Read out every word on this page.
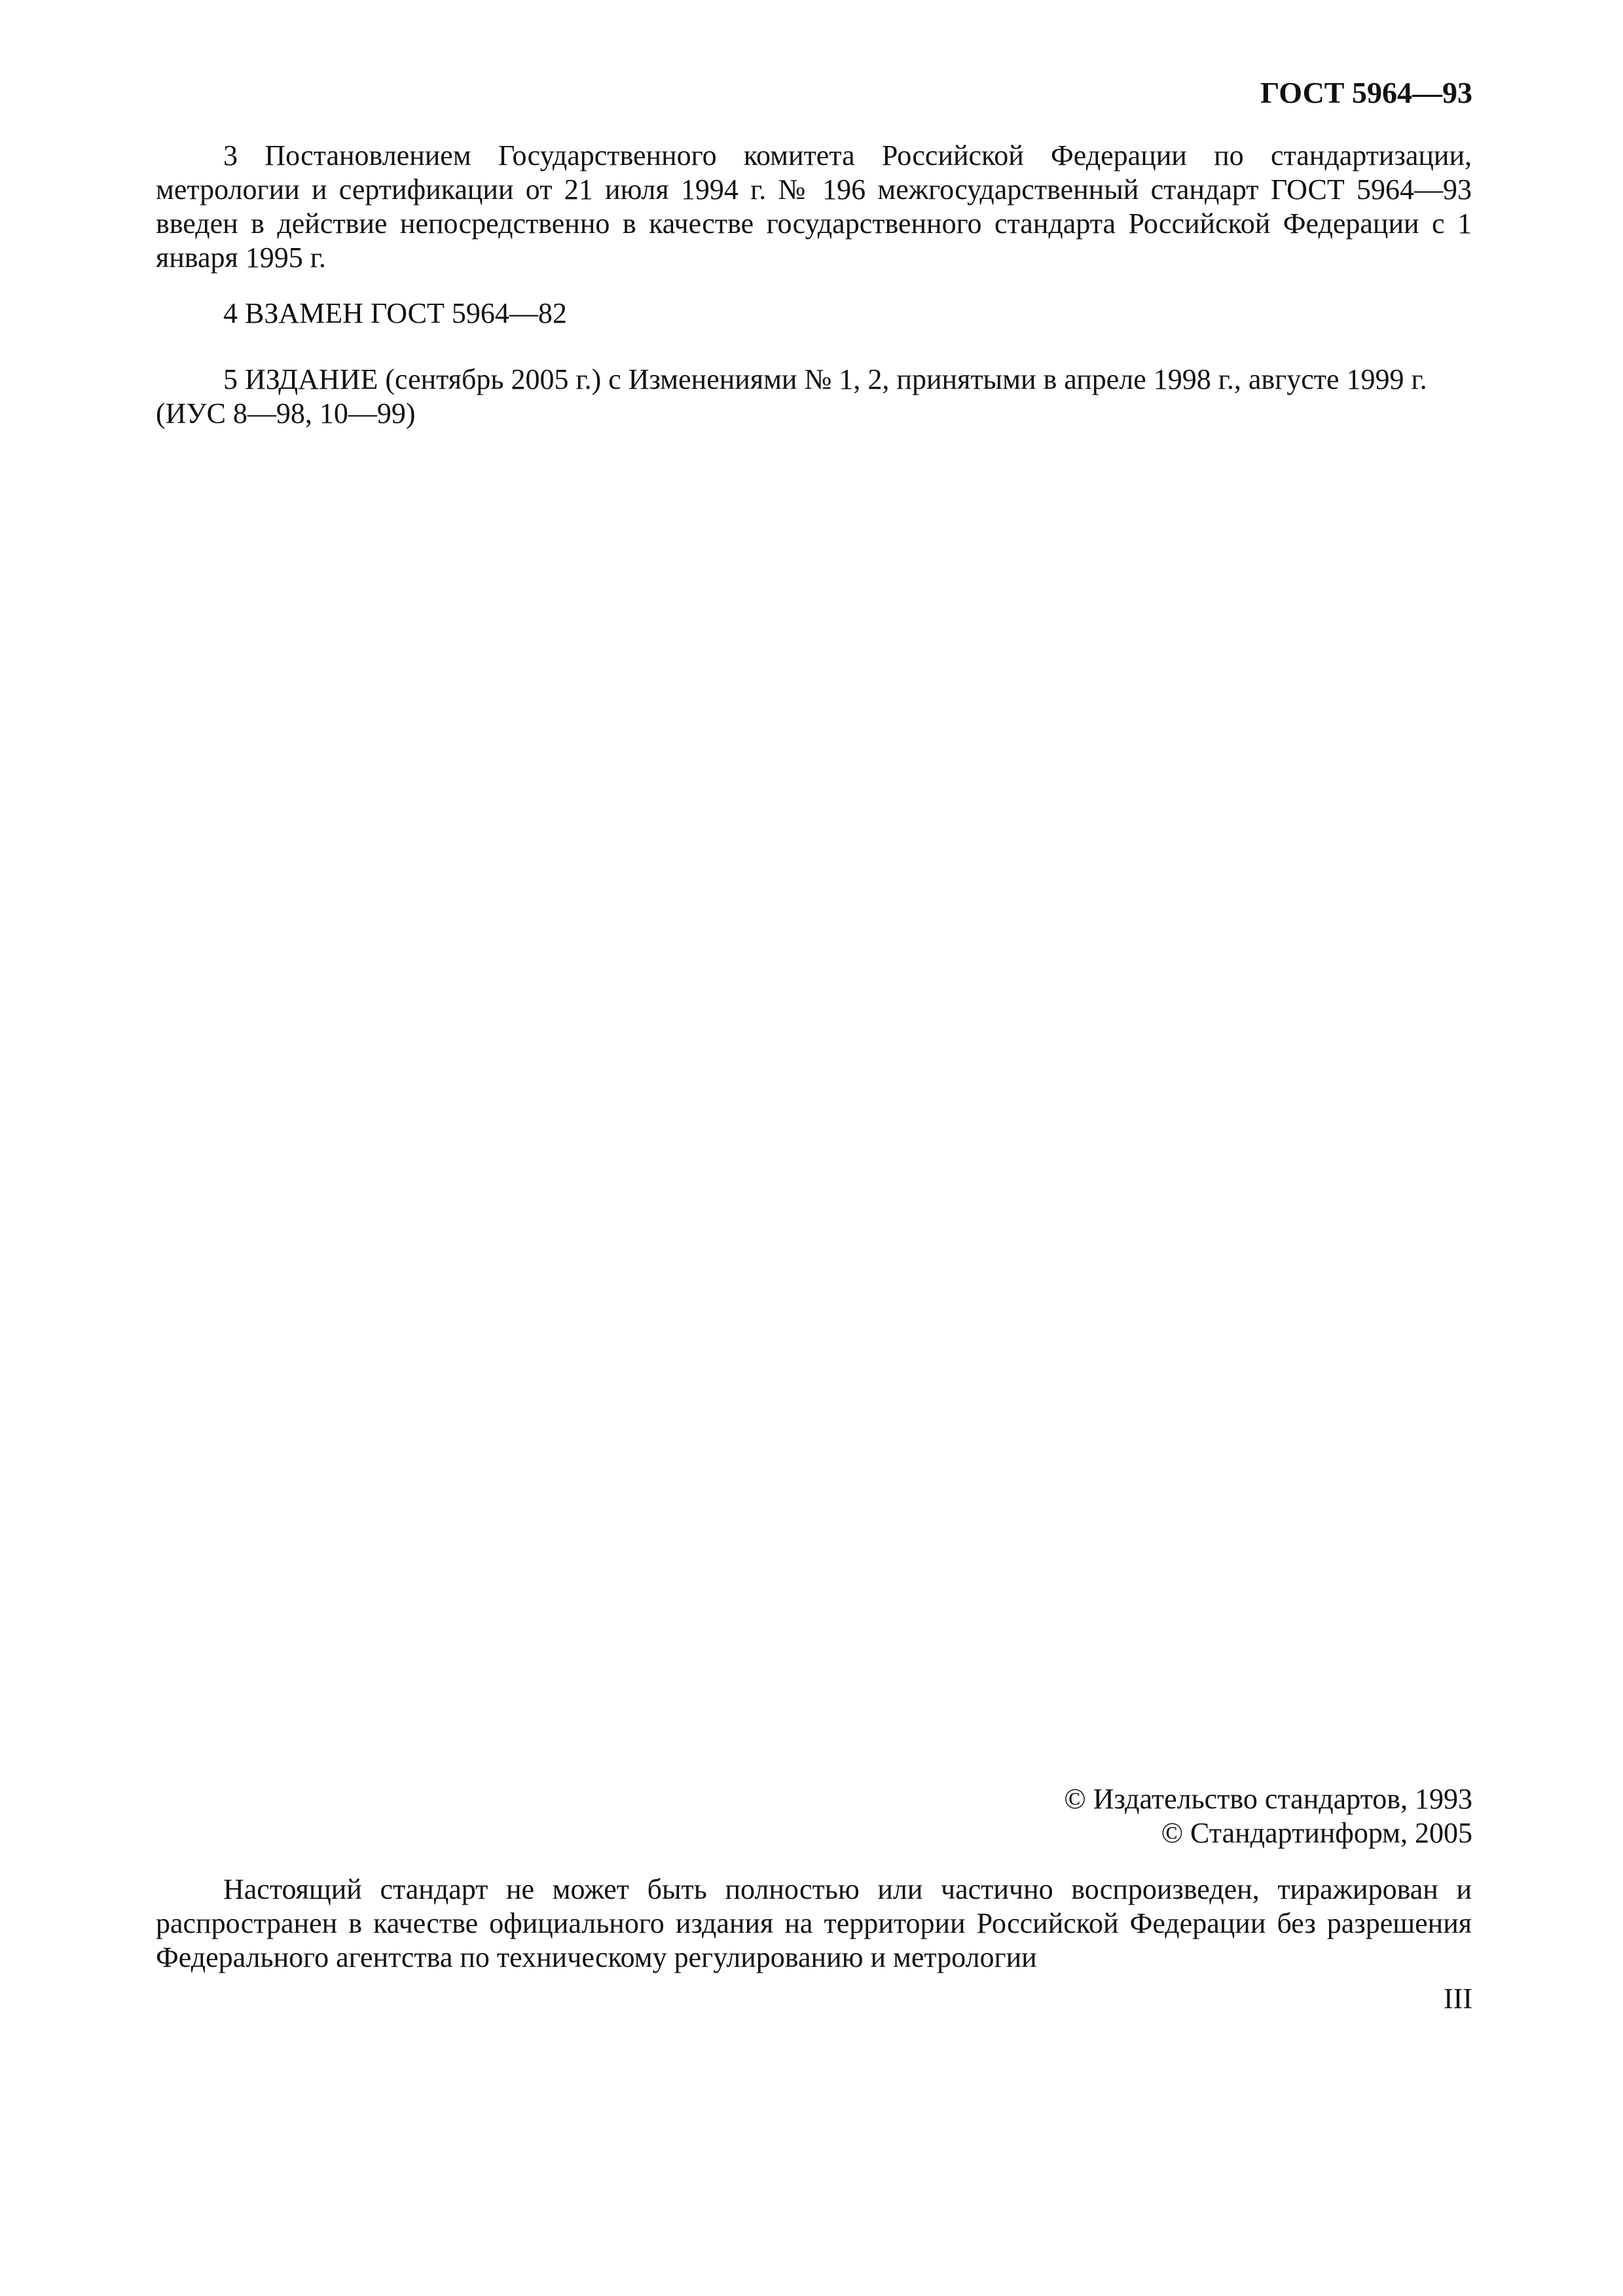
ГОСТ 5964—93

3 Постановлением Государственного комитета Российской Федерации по стандартизации, метрологии и сертификации от 21 июля 1994 г. № 196 межгосударственный стандарт ГОСТ 5964—93 введен в действие непосредственно в качестве государственного стандарта Российской Федерации с 1 января 1995 г.

4 ВЗАМЕН ГОСТ 5964—82

5 ИЗДАНИЕ (сентябрь 2005 г.) с Изменениями № 1, 2, принятыми в апреле 1998 г., августе 1999 г.

(ИУС 8—98, 10—99)

© Издательство стандартов, 1993
© Стандартинформ, 2005

Настоящий стандарт не может быть полностью или частично воспроизведен, тиражирован и распространен в качестве официального издания на территории Российской Федерации без разрешения Федерального агентства по техническому регулированию и метрологии

III
